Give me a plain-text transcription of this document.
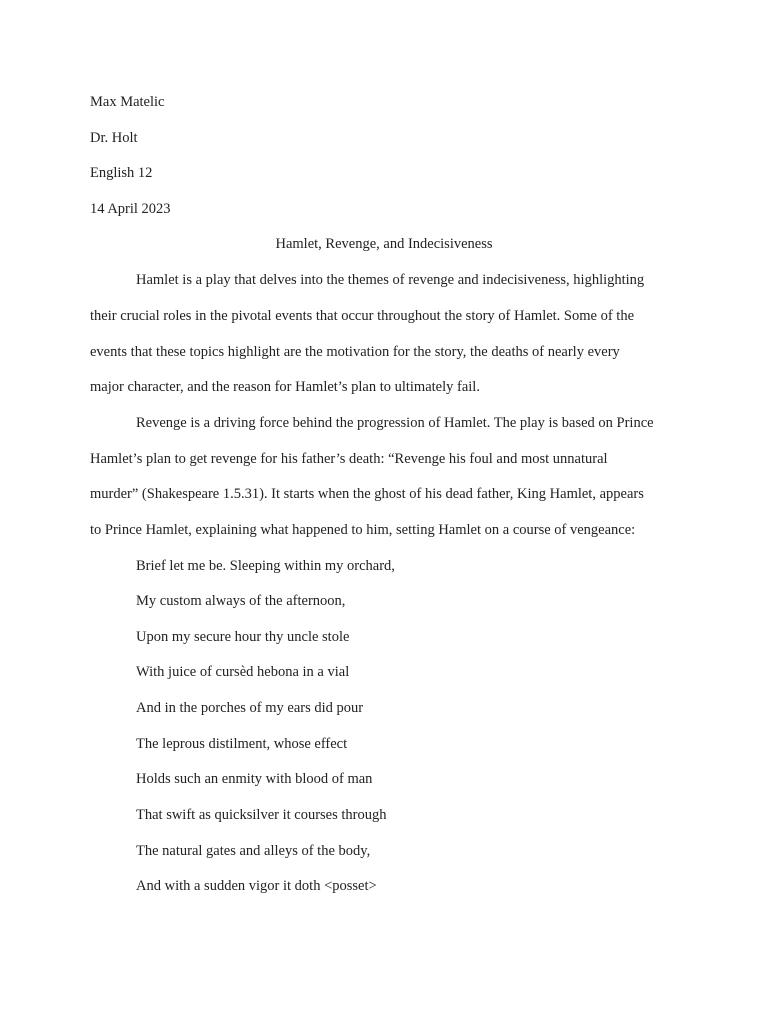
Max Matelic
Dr. Holt
English 12
14 April 2023
Hamlet, Revenge, and Indecisiveness
Hamlet is a play that delves into the themes of revenge and indecisiveness, highlighting
their crucial roles in the pivotal events that occur throughout the story of Hamlet. Some of the
events that these topics highlight are the motivation for the story, the deaths of nearly every
major character, and the reason for Hamlet’s plan to ultimately fail.
Revenge is a driving force behind the progression of Hamlet. The play is based on Prince
Hamlet’s plan to get revenge for his father’s death: “Revenge his foul and most unnatural
murder” (Shakespeare 1.5.31). It starts when the ghost of his dead father, King Hamlet, appears
to Prince Hamlet, explaining what happened to him, setting Hamlet on a course of vengeance:
Brief let me be. Sleeping within my orchard,
My custom always of the afternoon,
Upon my secure hour thy uncle stole
With juice of cursèd hebona in a vial
And in the porches of my ears did pour
The leprous distilment, whose effect
Holds such an enmity with blood of man
That swift as quicksilver it courses through
The natural gates and alleys of the body,
And with a sudden vigor it doth <posset>
